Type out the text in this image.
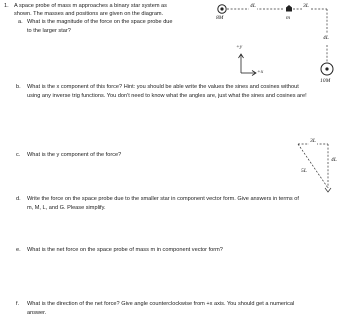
1. A space probe of mass m approaches a binary star system as
shown. The masses and positions are given on the diagram.
a. What is the magnitude of the force on the space probe due
to the larger star?
b. What is the x component of this force? Hint: you should be able write the values the sines and cosines without
using any inverse trig functions. You don't need to know what the angles are, just what the sines and cosines are!
c. What is the y component of the force?
d. Write the force on the space probe due to the smaller star in component vector form. Give answers in terms of
m, M, L, and G. Please simplify.
e. What is the net force on the space probe of mass m in component vector form?
f. What is the direction of the net force? Give angle counterclockwise from +x axis. You should get a numerical
answer.
8M
4L
m
3L
4L
10M
+y
+x
3L
4L
5L
